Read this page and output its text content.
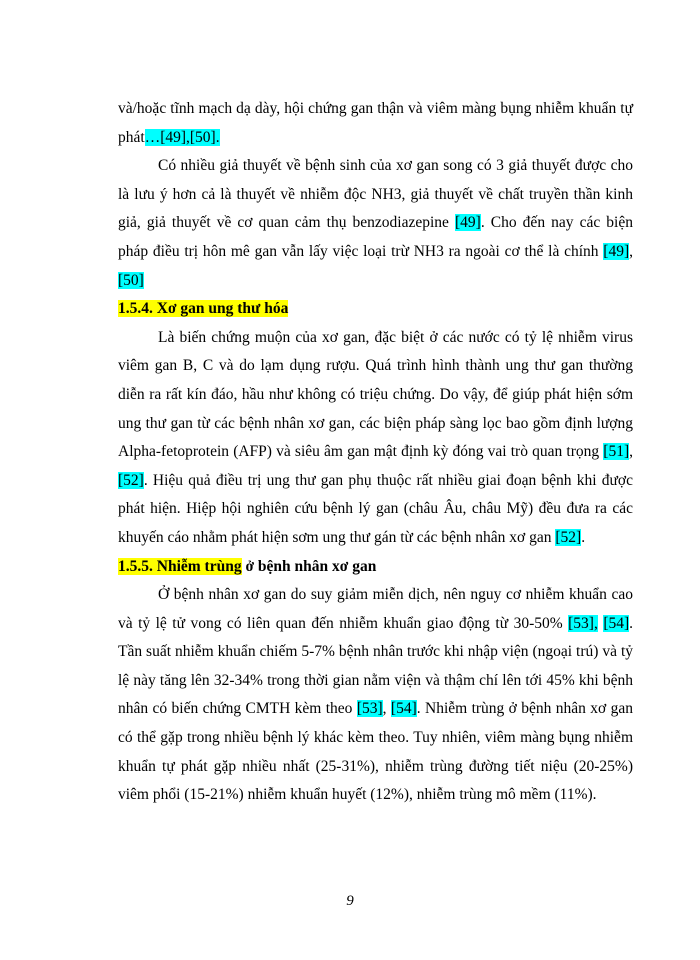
và/hoặc tĩnh mạch dạ dày, hội chứng gan thận và viêm màng bụng nhiễm khuẩn tự phát…[49],[50].

Có nhiều giả thuyết về bệnh sinh của xơ gan song có 3 giả thuyết được cho là lưu ý hơn cả là thuyết về nhiễm độc NH3, giả thuyết về chất truyền thần kinh giả, giả thuyết về cơ quan cảm thụ benzodiazepine [49]. Cho đến nay các biện pháp điều trị hôn mê gan vẫn lấy việc loại trừ NH3 ra ngoài cơ thể là chính [49], [50]

1.5.4. Xơ gan ung thư hóa

Là biến chứng muộn của xơ gan, đặc biệt ở các nước có tỷ lệ nhiễm virus viêm gan B, C và do lạm dụng rượu. Quá trình hình thành ung thư gan thường diễn ra rất kín đáo, hầu như không có triệu chứng. Do vậy, để giúp phát hiện sớm ung thư gan từ các bệnh nhân xơ gan, các biện pháp sàng lọc bao gồm định lượng Alpha-fetoprotein (AFP) và siêu âm gan mật định kỳ đóng vai trò quan trọng [51], [52]. Hiệu quả điều trị ung thư gan phụ thuộc rất nhiều giai đoạn bệnh khi được phát hiện. Hiệp hội nghiên cứu bệnh lý gan (châu Âu, châu Mỹ) đều đưa ra các khuyến cáo nhằm phát hiện sơm ung thư gán từ các bệnh nhân xơ gan [52].

1.5.5. Nhiễm trùng ở bệnh nhân xơ gan

Ở bệnh nhân xơ gan do suy giảm miễn dịch, nên nguy cơ nhiễm khuẩn cao và tỷ lệ tử vong có liên quan đến nhiễm khuẩn giao động từ 30-50% [53], [54]. Tần suất nhiễm khuẩn chiếm 5-7% bệnh nhân trước khi nhập viện (ngoại trú) và tỷ lệ này tăng lên 32-34% trong thời gian nằm viện và thậm chí lên tới 45% khi bệnh nhân có biến chứng CMTH kèm theo [53], [54]. Nhiễm trùng ở bệnh nhân xơ gan có thể gặp trong nhiều bệnh lý khác kèm theo. Tuy nhiên, viêm màng bụng nhiễm khuẩn tự phát gặp nhiều nhất (25-31%), nhiễm trùng đường tiết niệu (20-25%) viêm phổi (15-21%) nhiễm khuẩn huyết (12%), nhiễm trùng mô mềm (11%).

9
